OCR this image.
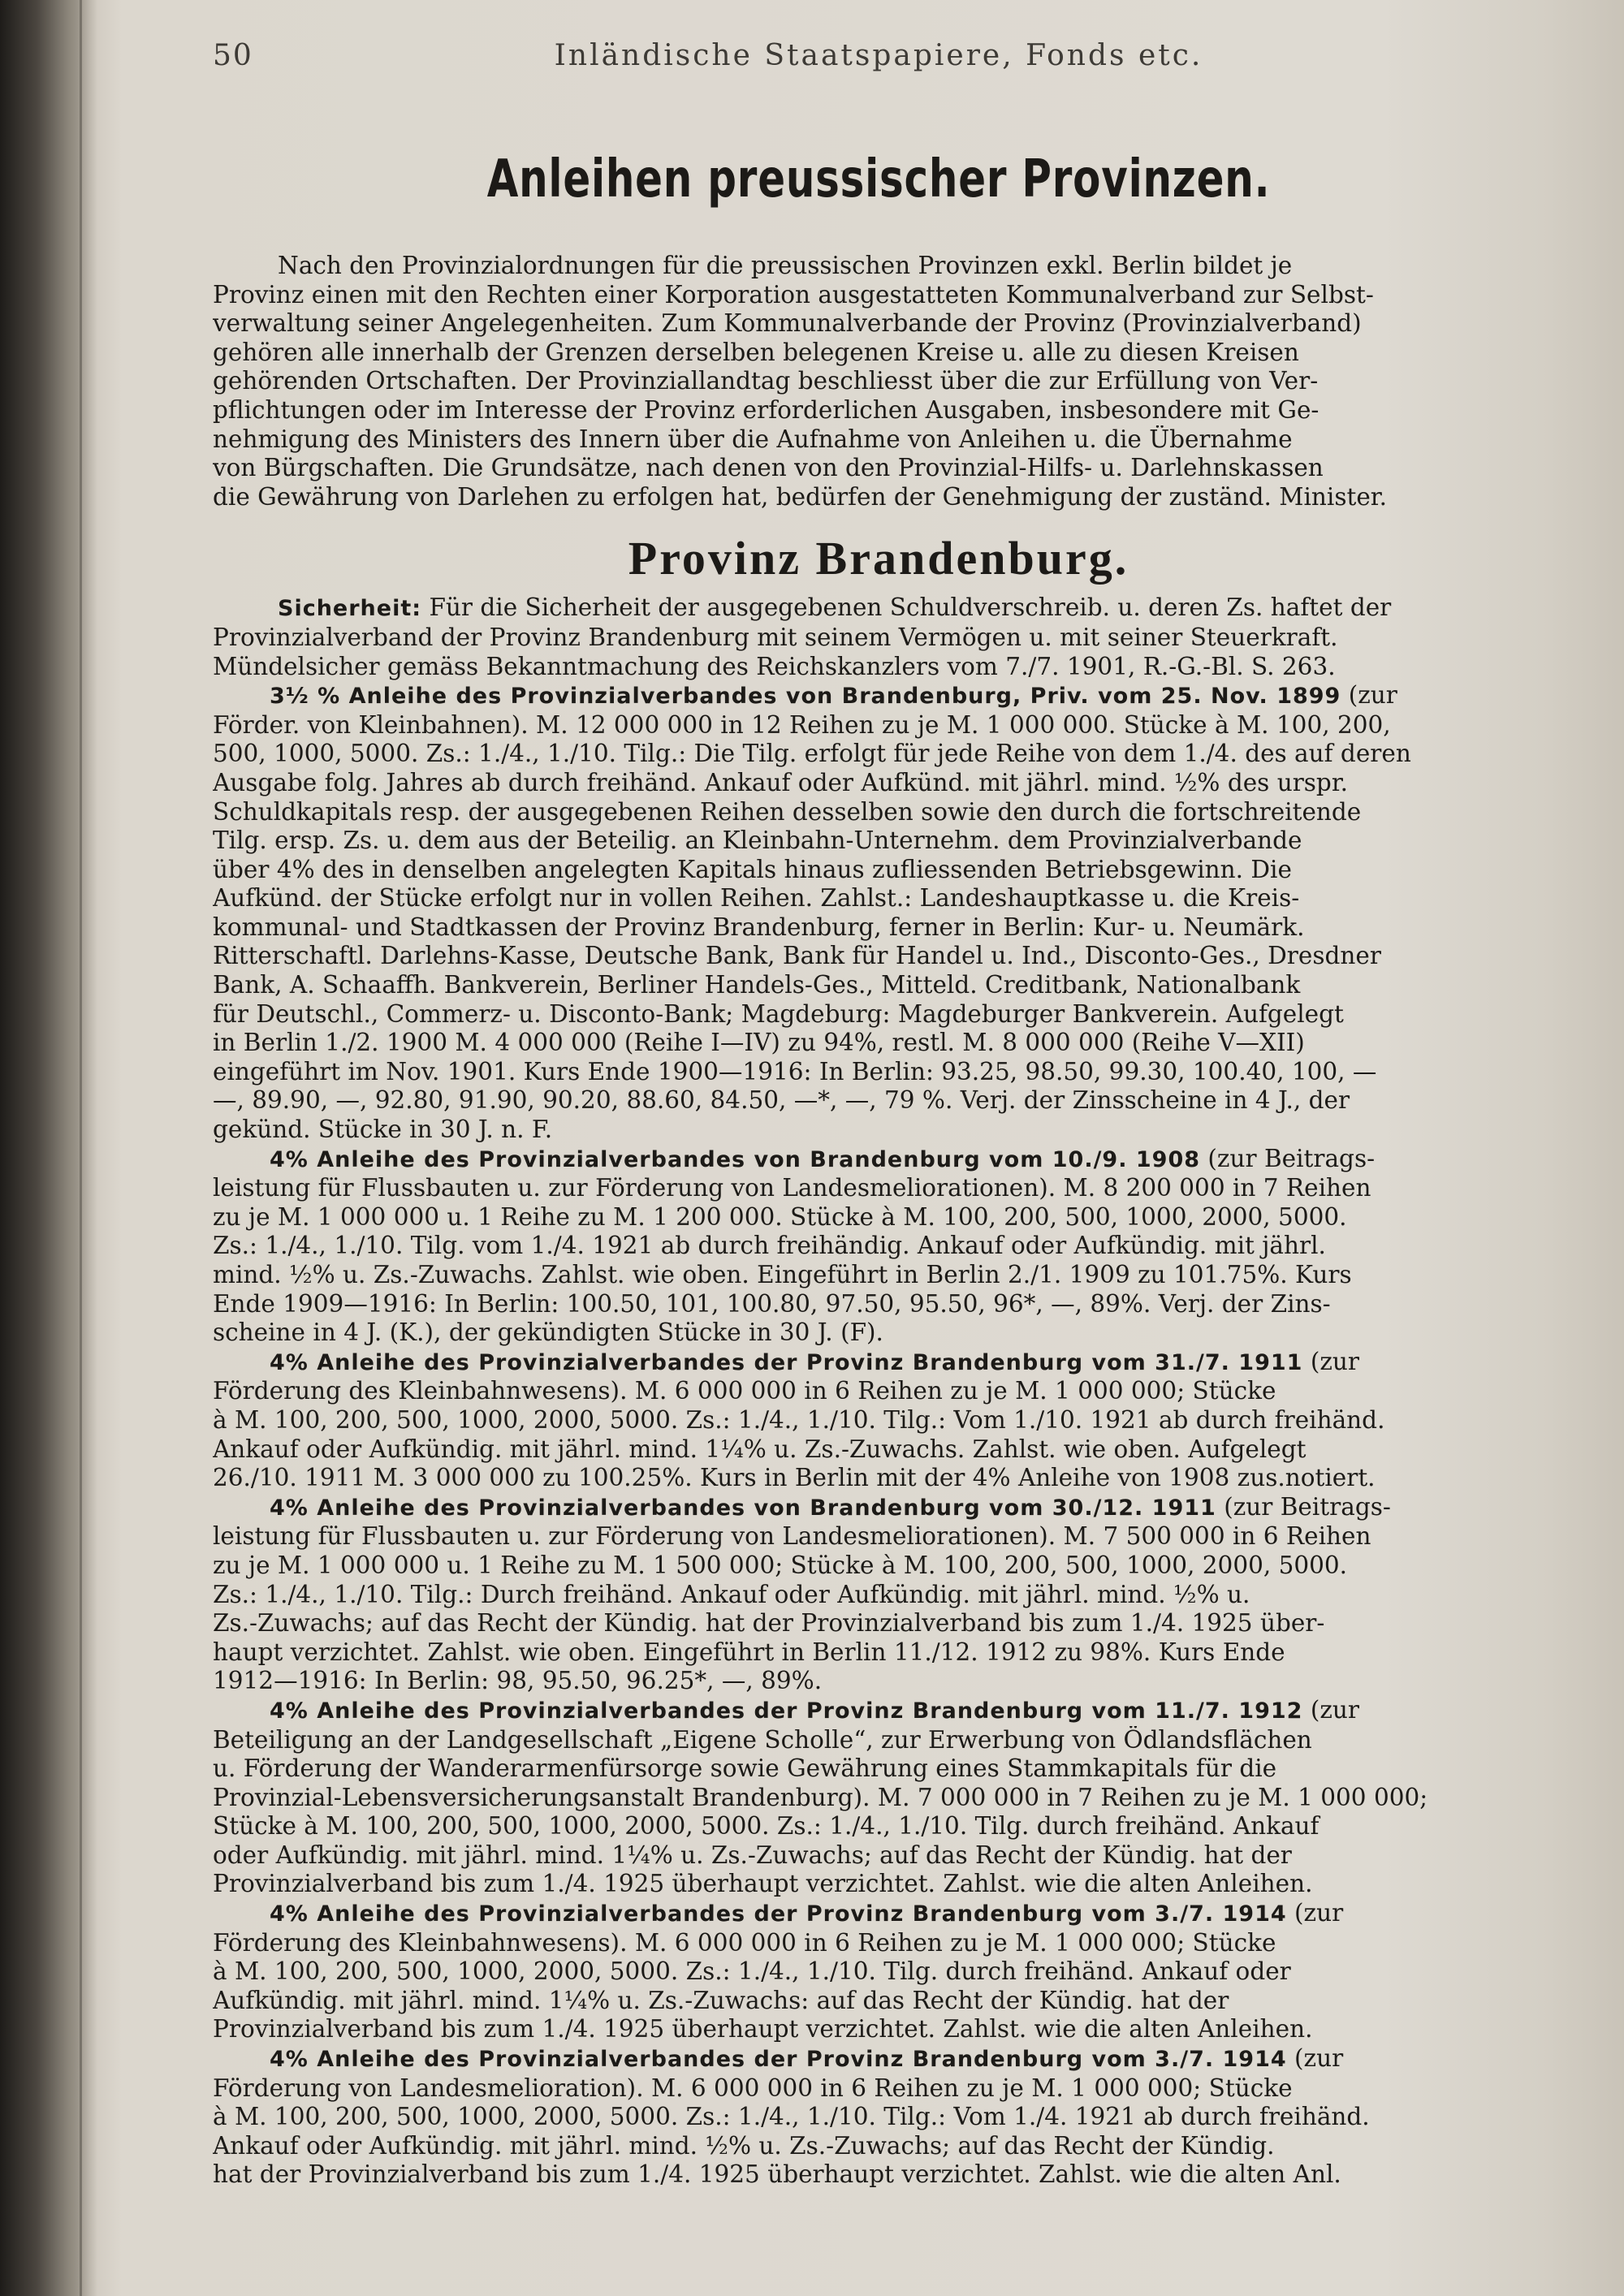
50	Inländische Staatspapiere, Fonds etc.
Anleihen preussischer Provinzen.
Nach den Provinzialordnungen für die preussischen Provinzen exkl. Berlin bildet je
Provinz einen mit den Rechten einer Korporation ausgestatteten Kommunalverband zur Selbst-
verwaltung seiner Angelegenheiten. Zum Kommunalverbande der Provinz (Provinzialverband)
gehören alle innerhalb der Grenzen derselben belegenen Kreise u. alle zu diesen Kreisen
gehörenden Ortschaften. Der Provinziallandtag beschliesst über die zur Erfüllung von Ver-
pflichtungen oder im Interesse der Provinz erforderlichen Ausgaben, insbesondere mit Ge-
nehmigung des Ministers des Innern über die Aufnahme von Anleihen u. die Übernahme
von Bürgschaften. Die Grundsätze, nach denen von den Provinzial-Hilfs- u. Darlehnskassen
die Gewährung von Darlehen zu erfolgen hat, bedürfen der Genehmigung der zuständ. Minister.
Provinz Brandenburg.
Sicherheit: Für die Sicherheit der ausgegebenen Schuldverschreib. u. deren Zs. haftet der
Provinzialverband der Provinz Brandenburg mit seinem Vermögen u. mit seiner Steuerkraft.
Mündelsicher gemäss Bekanntmachung des Reichskanzlers vom 7./7. 1901, R.-G.-Bl. S. 263.
3½ % Anleihe des Provinzialverbandes von Brandenburg, Priv. vom 25. Nov. 1899 (zur
Förder. von Kleinbahnen). M. 12 000 000 in 12 Reihen zu je M. 1 000 000. Stücke à M. 100, 200,
500, 1000, 5000. Zs.: 1./4., 1./10. Tilg.: Die Tilg. erfolgt für jede Reihe von dem 1./4. des auf deren
Ausgabe folg. Jahres ab durch freihänd. Ankauf oder Aufkünd. mit jährl. mind. ½% des urspr.
Schuldkapitals resp. der ausgegebenen Reihen desselben sowie den durch die fortschreitende
Tilg. ersp. Zs. u. dem aus der Beteilig. an Kleinbahn-Unternehm. dem Provinzialverbande
über 4% des in denselben angelegten Kapitals hinaus zufliessenden Betriebsgewinn. Die
Aufkünd. der Stücke erfolgt nur in vollen Reihen. Zahlst.: Landeshauptkasse u. die Kreis-
kommunal- und Stadtkassen der Provinz Brandenburg, ferner in Berlin: Kur- u. Neumärk.
Ritterschaftl. Darlehns-Kasse, Deutsche Bank, Bank für Handel u. Ind., Disconto-Ges., Dresdner
Bank, A. Schaaffh. Bankverein, Berliner Handels-Ges., Mitteld. Creditbank, Nationalbank
für Deutschl., Commerz- u. Disconto-Bank; Magdeburg: Magdeburger Bankverein. Aufgelegt
in Berlin 1./2. 1900 M. 4 000 000 (Reihe I—IV) zu 94%, restl. M. 8 000 000 (Reihe V—XII)
eingeführt im Nov. 1901. Kurs Ende 1900—1916: In Berlin: 93.25, 98.50, 99.30, 100.40, 100, —
—, 89.90, —, 92.80, 91.90, 90.20, 88.60, 84.50, —*, —, 79 %. Verj. der Zinsscheine in 4 J., der
gekünd. Stücke in 30 J. n. F.
4% Anleihe des Provinzialverbandes von Brandenburg vom 10./9. 1908 (zur Beitrags-
leistung für Flussbauten u. zur Förderung von Landesmeliorationen). M. 8 200 000 in 7 Reihen
zu je M. 1 000 000 u. 1 Reihe zu M. 1 200 000. Stücke à M. 100, 200, 500, 1000, 2000, 5000.
Zs.: 1./4., 1./10. Tilg. vom 1./4. 1921 ab durch freihändig. Ankauf oder Aufkündig. mit jährl.
mind. ½% u. Zs.-Zuwachs. Zahlst. wie oben. Eingeführt in Berlin 2./1. 1909 zu 101.75%. Kurs
Ende 1909—1916: In Berlin: 100.50, 101, 100.80, 97.50, 95.50, 96*, —, 89%. Verj. der Zins-
scheine in 4 J. (K.), der gekündigten Stücke in 30 J. (F).
4% Anleihe des Provinzialverbandes der Provinz Brandenburg vom 31./7. 1911 (zur
Förderung des Kleinbahnwesens). M. 6 000 000 in 6 Reihen zu je M. 1 000 000; Stücke
à M. 100, 200, 500, 1000, 2000, 5000. Zs.: 1./4., 1./10. Tilg.: Vom 1./10. 1921 ab durch freihänd.
Ankauf oder Aufkündig. mit jährl. mind. 1¼% u. Zs.-Zuwachs. Zahlst. wie oben. Aufgelegt
26./10. 1911 M. 3 000 000 zu 100.25%. Kurs in Berlin mit der 4% Anleihe von 1908 zus.notiert.
4% Anleihe des Provinzialverbandes von Brandenburg vom 30./12. 1911 (zur Beitrags-
leistung für Flussbauten u. zur Förderung von Landesmeliorationen). M. 7 500 000 in 6 Reihen
zu je M. 1 000 000 u. 1 Reihe zu M. 1 500 000; Stücke à M. 100, 200, 500, 1000, 2000, 5000.
Zs.: 1./4., 1./10. Tilg.: Durch freihänd. Ankauf oder Aufkündig. mit jährl. mind. ½% u.
Zs.-Zuwachs; auf das Recht der Kündig. hat der Provinzialverband bis zum 1./4. 1925 über-
haupt verzichtet. Zahlst. wie oben. Eingeführt in Berlin 11./12. 1912 zu 98%. Kurs Ende
1912—1916: In Berlin: 98, 95.50, 96.25*, —, 89%.
4% Anleihe des Provinzialverbandes der Provinz Brandenburg vom 11./7. 1912 (zur
Beteiligung an der Landgesellschaft „Eigene Scholle“, zur Erwerbung von Ödlandsflächen
u. Förderung der Wanderarmenfürsorge sowie Gewährung eines Stammkapitals für die
Provinzial-Lebensversicherungsanstalt Brandenburg). M. 7 000 000 in 7 Reihen zu je M. 1 000 000;
Stücke à M. 100, 200, 500, 1000, 2000, 5000. Zs.: 1./4., 1./10. Tilg. durch freihänd. Ankauf
oder Aufkündig. mit jährl. mind. 1¼% u. Zs.-Zuwachs; auf das Recht der Kündig. hat der
Provinzialverband bis zum 1./4. 1925 überhaupt verzichtet. Zahlst. wie die alten Anleihen.
4% Anleihe des Provinzialverbandes der Provinz Brandenburg vom 3./7. 1914 (zur
Förderung des Kleinbahnwesens). M. 6 000 000 in 6 Reihen zu je M. 1 000 000; Stücke
à M. 100, 200, 500, 1000, 2000, 5000. Zs.: 1./4., 1./10. Tilg. durch freihänd. Ankauf oder
Aufkündig. mit jährl. mind. 1¼% u. Zs.-Zuwachs: auf das Recht der Kündig. hat der
Provinzialverband bis zum 1./4. 1925 überhaupt verzichtet. Zahlst. wie die alten Anleihen.
4% Anleihe des Provinzialverbandes der Provinz Brandenburg vom 3./7. 1914 (zur
Förderung von Landesmelioration). M. 6 000 000 in 6 Reihen zu je M. 1 000 000; Stücke
à M. 100, 200, 500, 1000, 2000, 5000. Zs.: 1./4., 1./10. Tilg.: Vom 1./4. 1921 ab durch freihänd.
Ankauf oder Aufkündig. mit jährl. mind. ½% u. Zs.-Zuwachs; auf das Recht der Kündig.
hat der Provinzialverband bis zum 1./4. 1925 überhaupt verzichtet. Zahlst. wie die alten Anl.
